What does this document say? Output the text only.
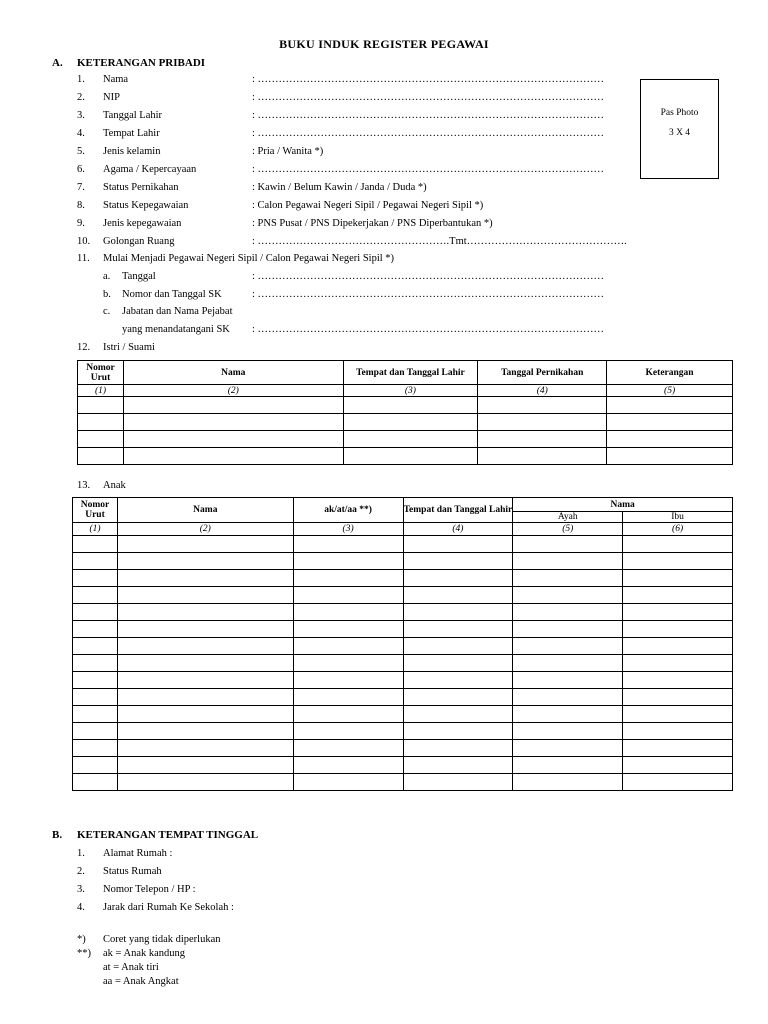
BUKU INDUK REGISTER PEGAWAI
A. KETERANGAN PRIBADI
1. Nama	: ………………………………………………………………………………………
2. NIP	: ………………………………………………………………………………………
3. Tanggal Lahir	: ………………………………………………………………………………………
4. Tempat Lahir	: ………………………………………………………………………………………
5. Jenis kelamin	: Pria / Wanita *)
6. Agama / Kepercayaan	: ………………………………………………………………………………………
7. Status Pernikahan	: Kawin / Belum Kawin / Janda / Duda *)
8. Status Kepegawaian	: Calon Pegawai Negeri Sipil / Pegawai Negeri Sipil *)
9. Jenis kepegawaian	: PNS Pusat / PNS Dipekerjakan / PNS Diperbantukan *)
10. Golongan Ruang	: ……………………………………………….Tmt……………………………………….
Pas Photo
3 X 4
11. Mulai Menjadi Pegawai Negeri Sipil / Calon Pegawai Negeri Sipil *)
a. Tanggal	: ………………………………………………………………………………………
b. Nomor dan Tanggal SK	: ………………………………………………………………………………………
c. Jabatan dan Nama Pejabat
yang menandatangani SK : ………………………………………………………………………………………
12. Istri / Suami
Nomor Urut	Nama	Tempat dan Tanggal Lahir	Tanggal Pernikahan	Keterangan
(1)	(2)	(3)	(4)	(5)

13. Anak
Nomor Urut	Nama	ak/at/aa **)	Tempat dan Tanggal Lahir	Nama	
				Ayah	Ibu
(1)	(2)	(3)	(4)	(5)	(6)

B. KETERANGAN TEMPAT TINGGAL
1. Alamat Rumah :
2. Status Rumah
3. Nomor Telepon / HP :
4. Jarak dari Rumah Ke Sekolah :
*) Coret yang tidak diperlukan
**) ak = Anak kandung
at = Anak tiri
aa = Anak Angkat
